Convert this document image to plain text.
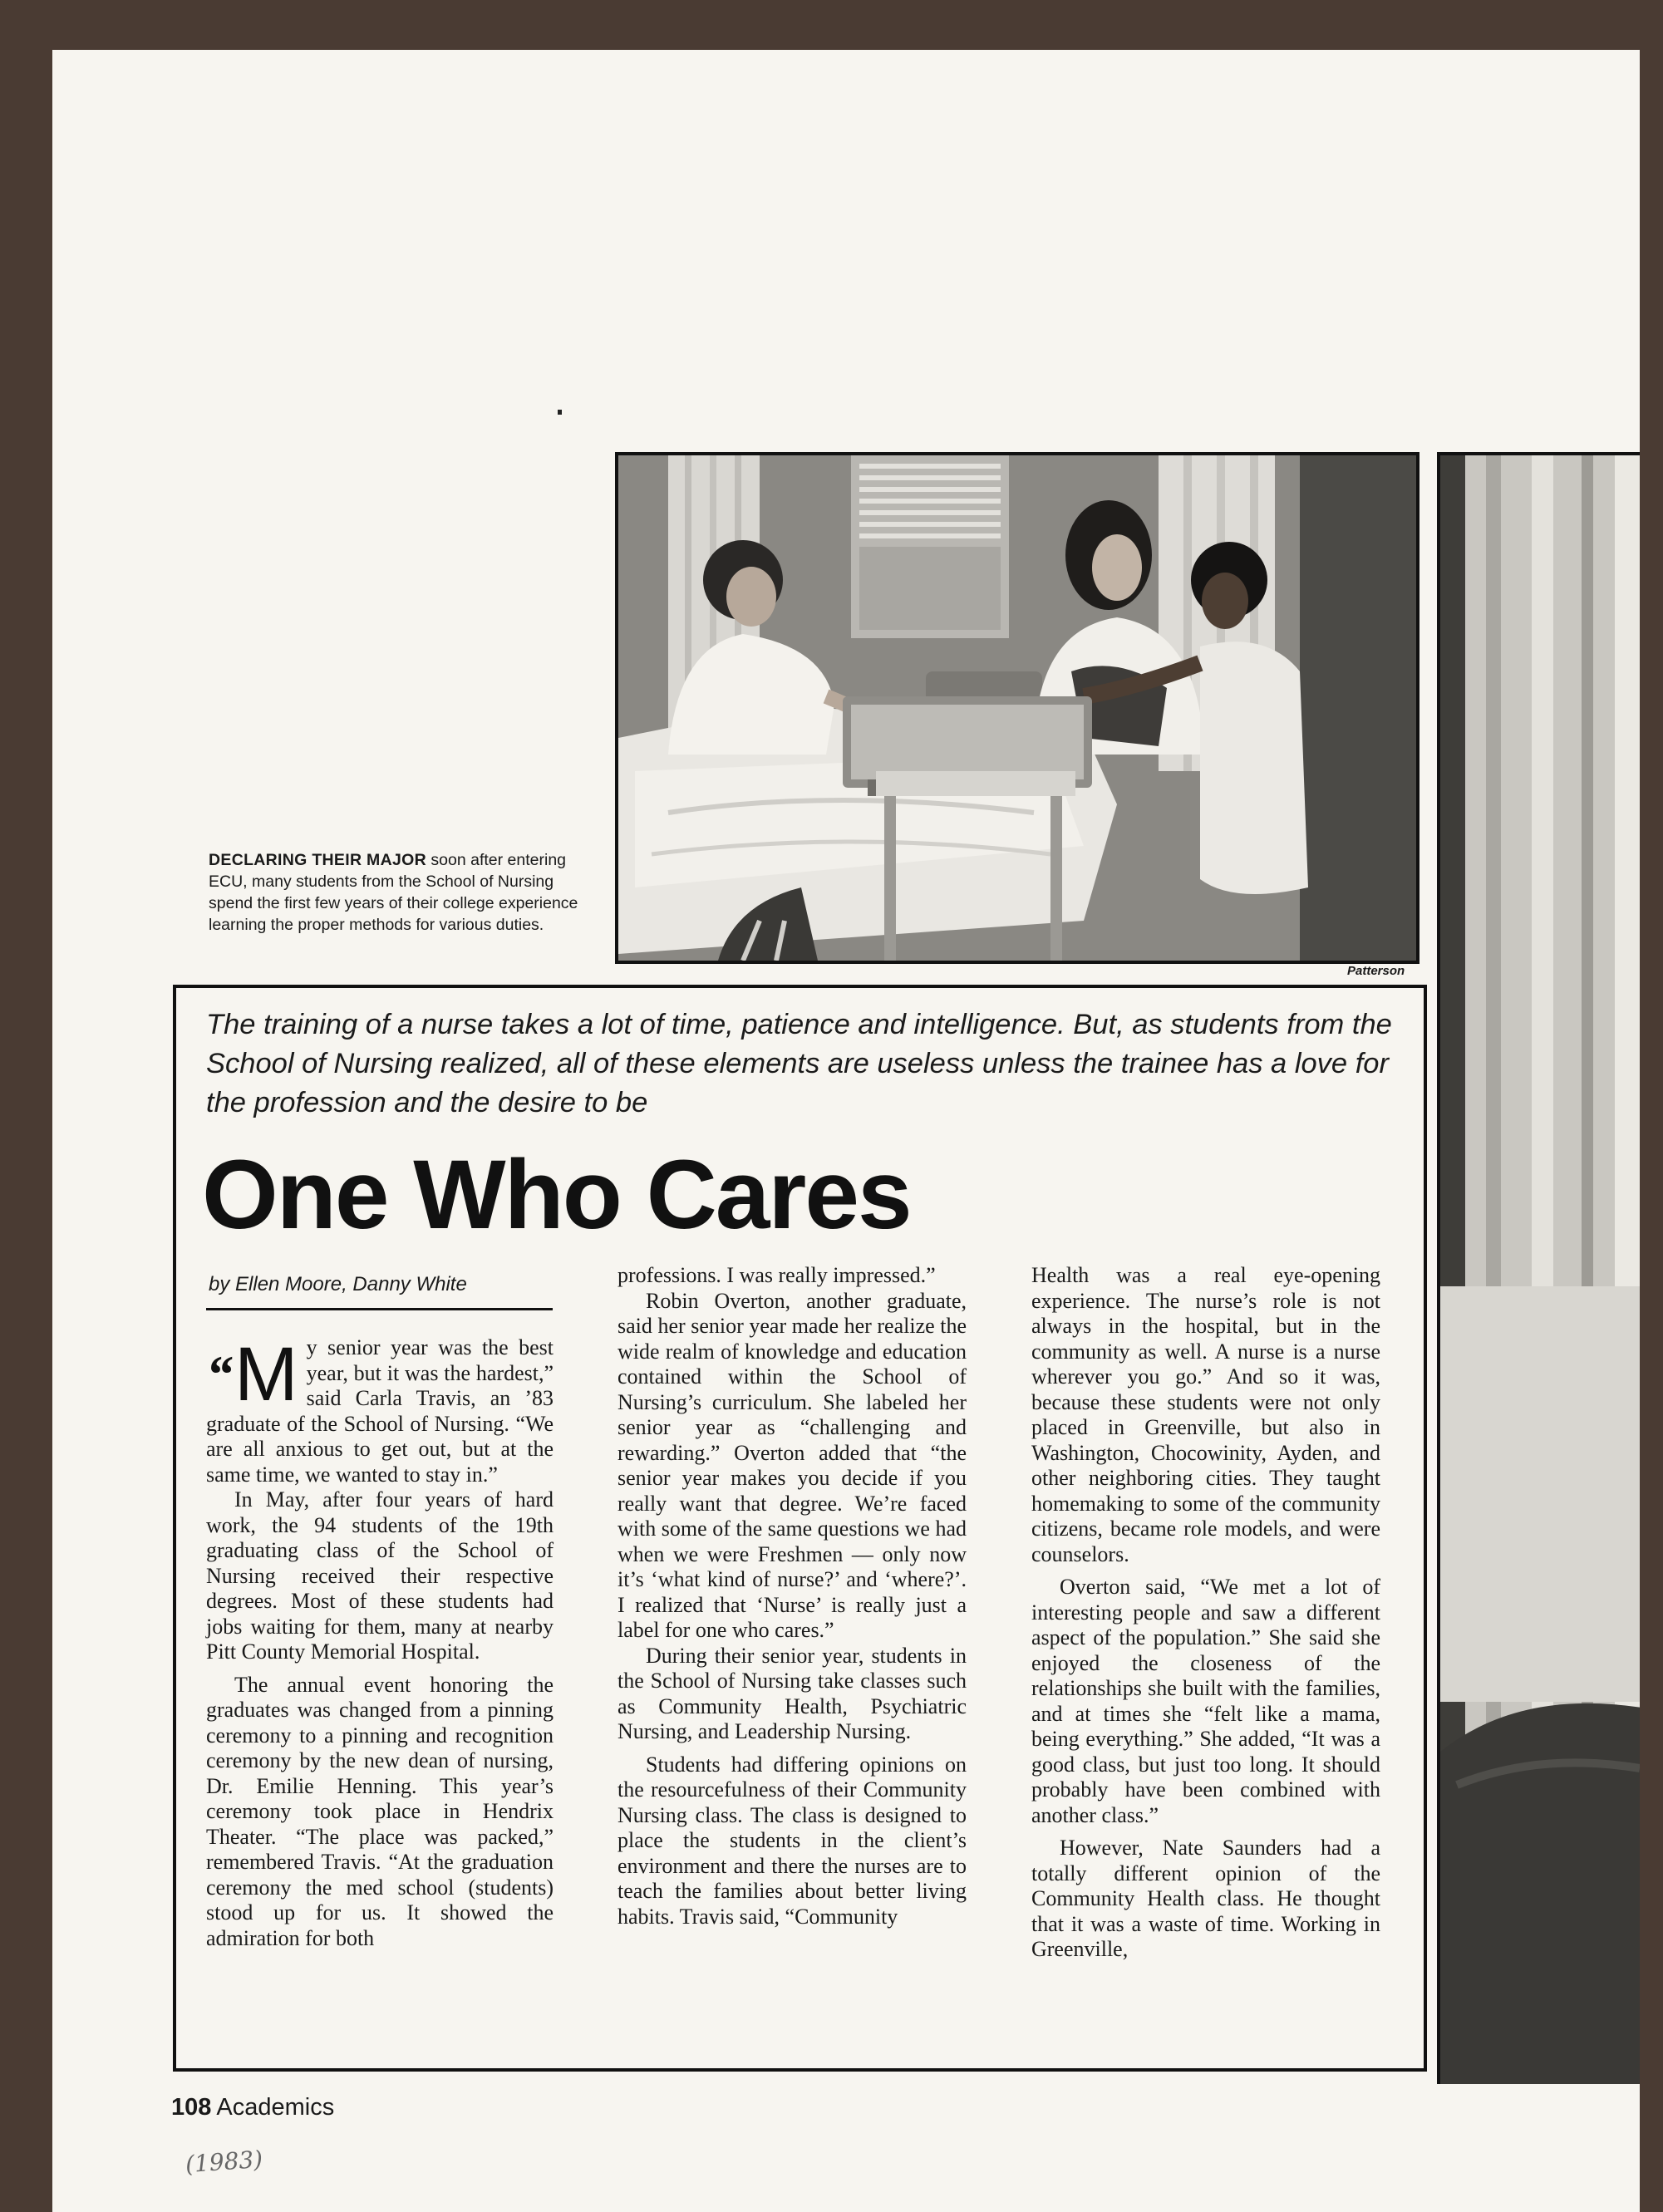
DECLARING THEIR MAJOR soon after entering ECU, many students from the School of Nursing spend the first few years of their college experience learning the proper methods for various duties.
Patterson
The training of a nurse takes a lot of time, patience and intelligence. But, as students from the School of Nursing realized, all of these elements are useless unless the trainee has a love for the profession and the desire to be
One Who Cares
by Ellen Moore, Danny White

“M y senior year was the best year, but it was the hardest,” said Carla Travis, an ’83 graduate of the School of Nursing. “We are all anxious to get out, but at the same time, we wanted to stay in.”

In May, after four years of hard work, the 94 students of the 19th graduating class of the School of Nursing received their respective degrees. Most of these students had jobs waiting for them, many at nearby Pitt County Memorial Hospital.

The annual event honoring the graduates was changed from a pinning ceremony to a pinning and recognition ceremony by the new dean of nursing, Dr. Emilie Henning. This year’s ceremony took place in Hendrix Theater. “The place was packed,” remembered Travis. “At the graduation ceremony the med school (students) stood up for us. It showed the admiration for both

professions. I was really impressed.”

Robin Overton, another graduate, said her senior year made her realize the wide realm of knowledge and education contained within the School of Nursing’s curriculum. She labeled her senior year as “challenging and rewarding.” Overton added that “the senior year makes you decide if you really want that degree. We’re faced with some of the same questions we had when we were Freshmen — only now it’s ‘what kind of nurse?’ and ‘where?’. I realized that ‘Nurse’ is really just a label for one who cares.”

During their senior year, students in the School of Nursing take classes such as Community Health, Psychiatric Nursing, and Leadership Nursing.

Students had differing opinions on the resourcefulness of their Community Nursing class. The class is designed to place the students in the client’s environment and there the nurses are to teach the families about better living habits. Travis said, “Community

Health was a real eye-opening experience. The nurse’s role is not always in the hospital, but in the community as well. A nurse is a nurse wherever you go.” And so it was, because these students were not only placed in Greenville, but also in Washington, Chocowinity, Ayden, and other neighboring cities. They taught homemaking to some of the community citizens, became role models, and were counselors.

Overton said, “We met a lot of interesting people and saw a different aspect of the population.” She said she enjoyed the closeness of the relationships she built with the families, and at times she “felt like a mama, being everything.” She added, “It was a good class, but just too long. It should probably have been combined with another class.”

However, Nate Saunders had a totally different opinion of the Community Health class. He thought that it was a waste of time. Working in Greenville,

108 Academics
(1983)
